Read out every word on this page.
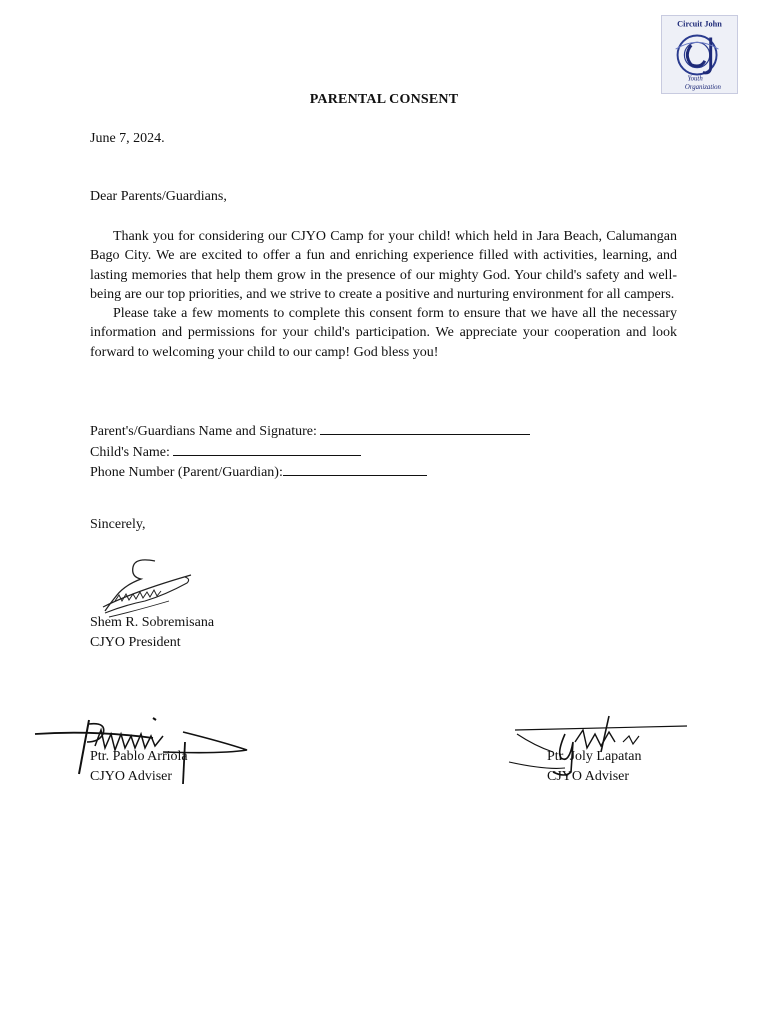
Circuit John
Youth
Organization
PARENTAL CONSENT
June 7, 2024.
Dear Parents/Guardians,

Thank you for considering our CJYO Camp for your child! which held in Jara Beach, Calumangan Bago City. We are excited to offer a fun and enriching experience filled with activities, learning, and lasting memories that help them grow in the presence of our mighty God. Your child's safety and well-being are our top priorities, and we strive to create a positive and nurturing environment for all campers.

Please take a few moments to complete this consent form to ensure that we have all the necessary information and permissions for your child's participation. We appreciate your cooperation and look forward to welcoming your child to our camp! God bless you!

Parent's/Guardians Name and Signature:
Child's Name:
Phone Number (Parent/Guardian):
Sincerely,
Shem R. Sobremisana
CJYO President
Ptr. Pablo Arriola
CJYO Adviser
Ptr. Joly Lapatan
CJYO Adviser
